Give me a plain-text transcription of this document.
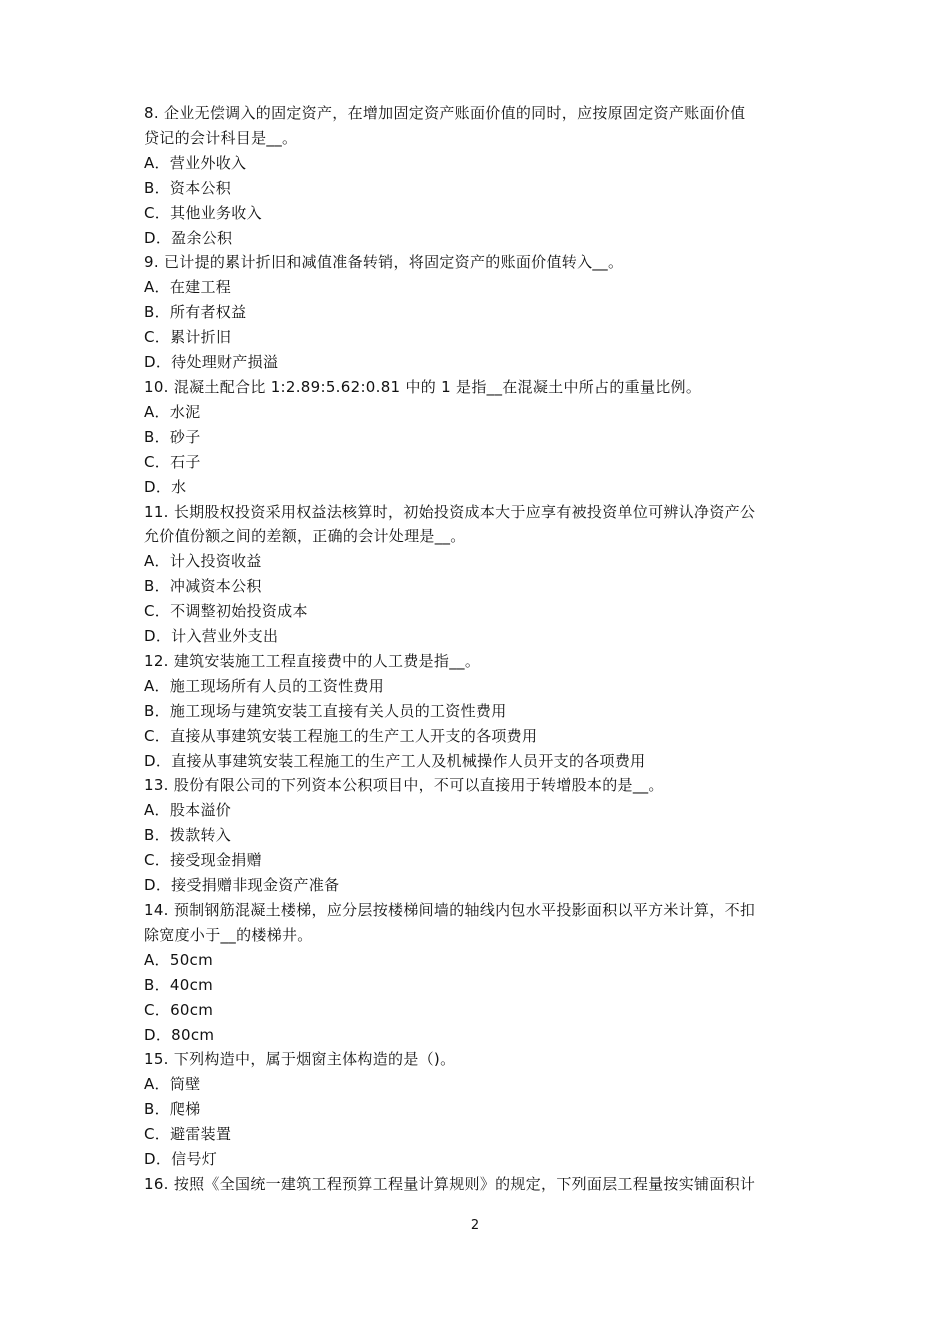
8. 企业无偿调入的固定资产，在增加固定资产账面价值的同时，应按原固定资产账面价值
贷记的会计科目是__。
A．营业外收入
B．资本公积
C．其他业务收入
D．盈余公积
9. 已计提的累计折旧和减值准备转销，将固定资产的账面价值转入__。
A．在建工程
B．所有者权益
C．累计折旧
D．待处理财产损溢
10. 混凝土配合比 1:2.89:5.62:0.81 中的 1 是指__在混凝土中所占的重量比例。
A．水泥
B．砂子
C．石子
D．水
11. 长期股权投资采用权益法核算时，初始投资成本大于应享有被投资单位可辨认净资产公
允价值份额之间的差额，正确的会计处理是__。
A．计入投资收益
B．冲减资本公积
C．不调整初始投资成本
D．计入营业外支出
12. 建筑安装施工工程直接费中的人工费是指__。
A．施工现场所有人员的工资性费用
B．施工现场与建筑安装工直接有关人员的工资性费用
C．直接从事建筑安装工程施工的生产工人开支的各项费用
D．直接从事建筑安装工程施工的生产工人及机械操作人员开支的各项费用
13. 股份有限公司的下列资本公积项目中，不可以直接用于转增股本的是__。
A．股本溢价
B．拨款转入
C．接受现金捐赠
D．接受捐赠非现金资产准备
14. 预制钢筋混凝土楼梯，应分层按楼梯间墙的轴线内包水平投影面积以平方米计算，不扣
除宽度小于__的楼梯井。
A．50cm
B．40cm
C．60cm
D．80cm
15. 下列构造中，属于烟窗主体构造的是（)。
A．筒壁
B．爬梯
C．避雷装置
D．信号灯
16. 按照《全国统一建筑工程预算工程量计算规则》的规定，下列面层工程量按实铺面积计
2
